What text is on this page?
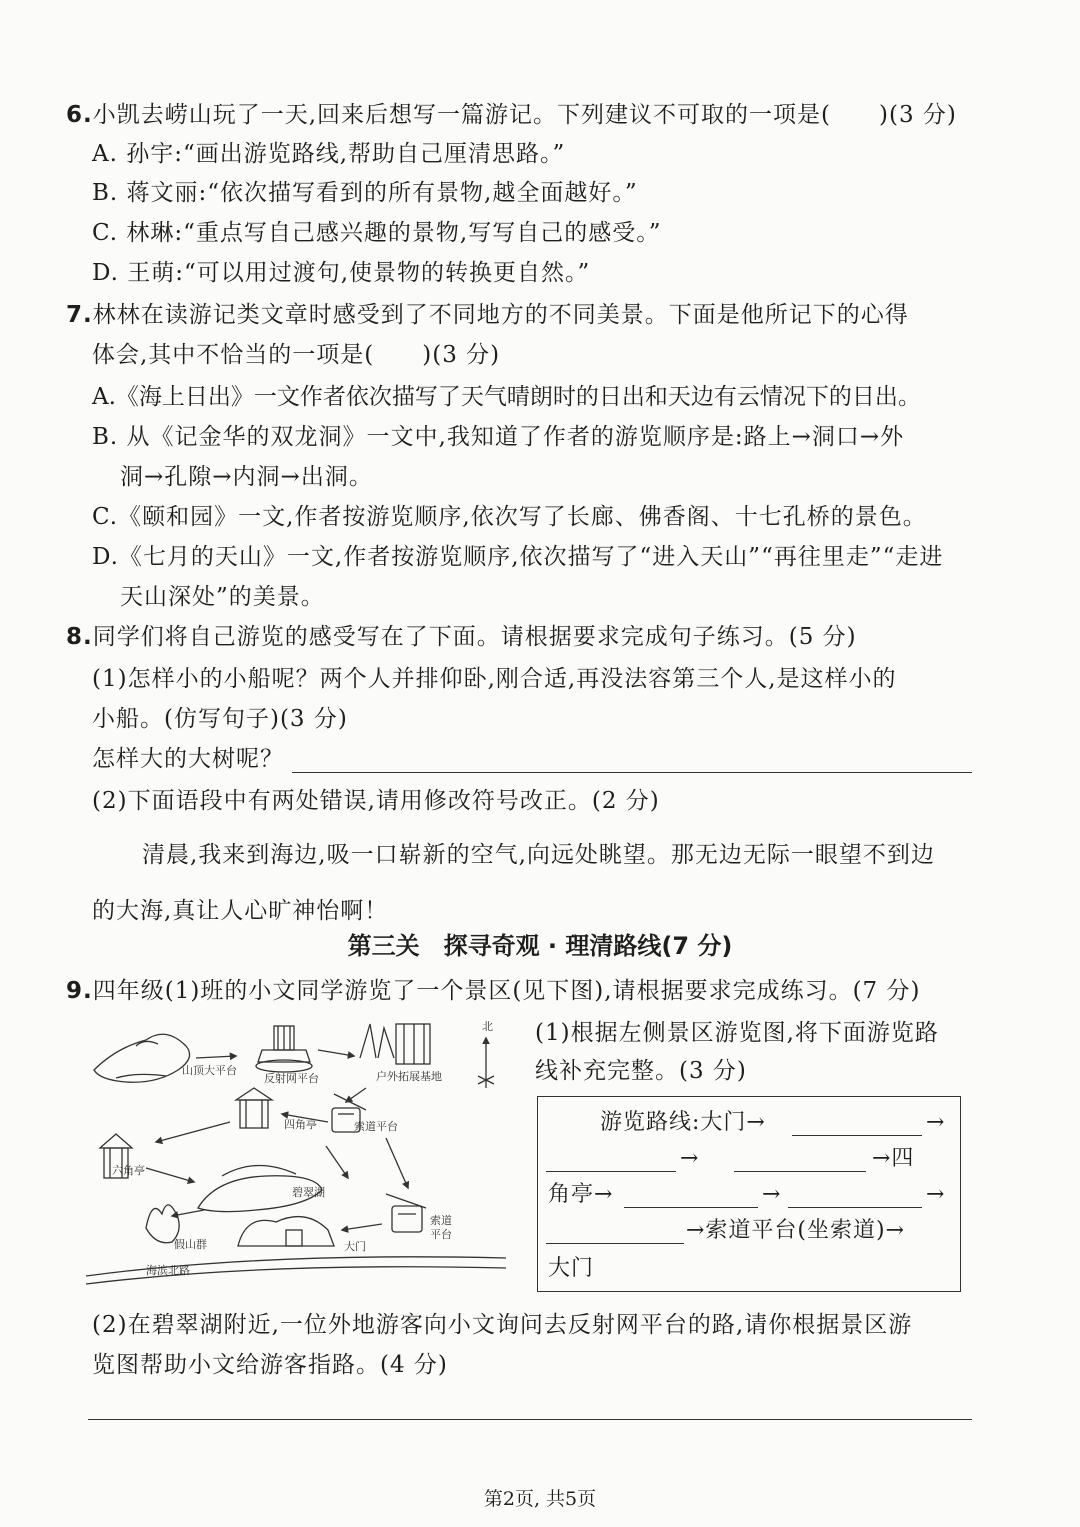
6.小凯去崂山玩了一天,回来后想写一篇游记。下列建议不可取的一项是(　　)(3 分)
A. 孙宇:“画出游览路线,帮助自己厘清思路。”
B. 蒋文丽:“依次描写看到的所有景物,越全面越好。”
C. 林琳:“重点写自己感兴趣的景物,写写自己的感受。”
D. 王萌:“可以用过渡句,使景物的转换更自然。”
7.林林在读游记类文章时感受到了不同地方的不同美景。下面是他所记下的心得
体会,其中不恰当的一项是(　　)(3 分)
A.《海上日出》一文作者依次描写了天气晴朗时的日出和天边有云情况下的日出。
B. 从《记金华的双龙洞》一文中,我知道了作者的游览顺序是:路上→洞口→外
洞→孔隙→内洞→出洞。
C.《颐和园》一文,作者按游览顺序,依次写了长廊、佛香阁、十七孔桥的景色。
D.《七月的天山》一文,作者按游览顺序,依次描写了“进入天山”“再往里走”“走进
天山深处”的美景。
8.同学们将自己游览的感受写在了下面。请根据要求完成句子练习。(5 分)
(1)怎样小的小船呢？两个人并排仰卧,刚合适,再没法容第三个人,是这样小的
小船。(仿写句子)(3 分)
怎样大的大树呢？
(2)下面语段中有两处错误,请用修改符号改正。(2 分)
清晨,我来到海边,吸一口崭新的空气,向远处眺望。那无边无际一眼望不到边
的大海,真让人心旷神怡啊！
第三关　探寻奇观 · 理清路线(7 分)
9.四年级(1)班的小文同学游览了一个景区(见下图),请根据要求完成练习。(7 分)
北
山顶大平台
反射网平台	户外拓展基地
四角亭	索道平台
六角亭
碧翠湖
假山群	大门
索道
平台
海滨北路
(1)根据左侧景区游览图,将下面游览路
线补充完整。(3 分)
游览路线:大门→	→
→	→四
角亭→	→	→
→索道平台(坐索道)→
大门
(2)在碧翠湖附近,一位外地游客向小文询问去反射网平台的路,请你根据景区游
览图帮助小文给游客指路。(4 分)
第2页, 共5页
